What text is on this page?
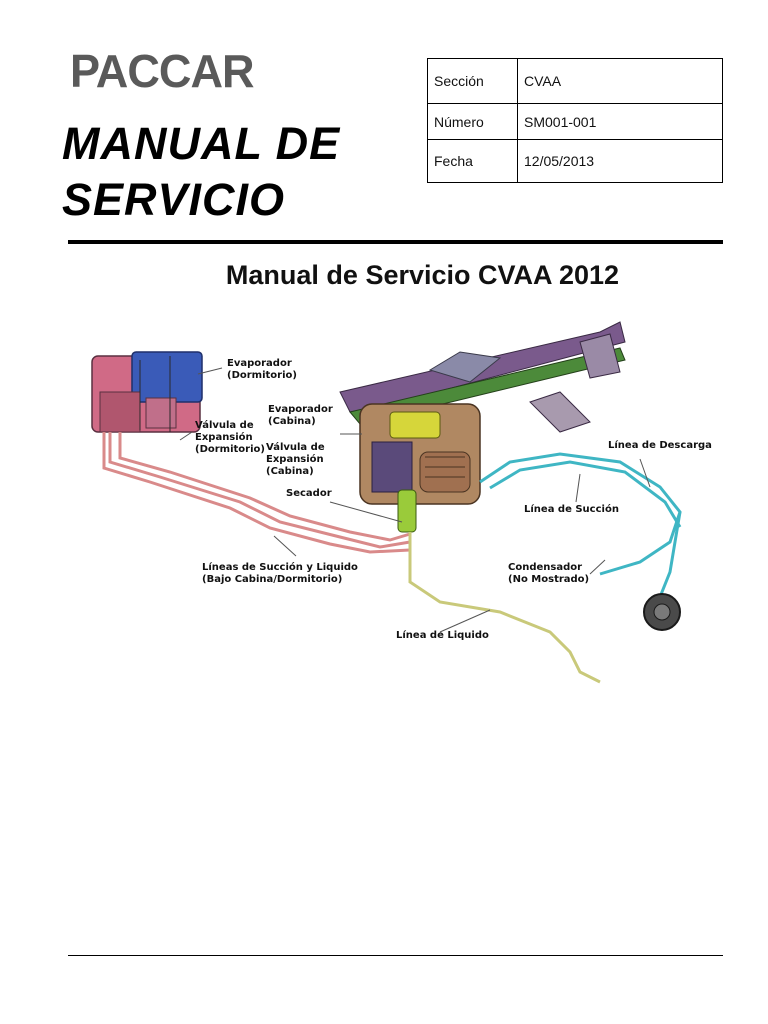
PACCAR
MANUAL DE
SERVICIO
Sección	CVAA
Número	SM001-001
Fecha	12/05/2013
Manual de Servicio CVAA 2012
Evaporador
(Dormitorio)
Válvula de
Expansión
(Dormitorio)
Evaporador
(Cabina)
Válvula de
Expansión
(Cabina)
Secador
Líneas de Succión y Liquido
(Bajo Cabina/Dormitorio)
Línea de Descarga
Línea de Succión
Condensador
(No Mostrado)
Línea de Liquido
